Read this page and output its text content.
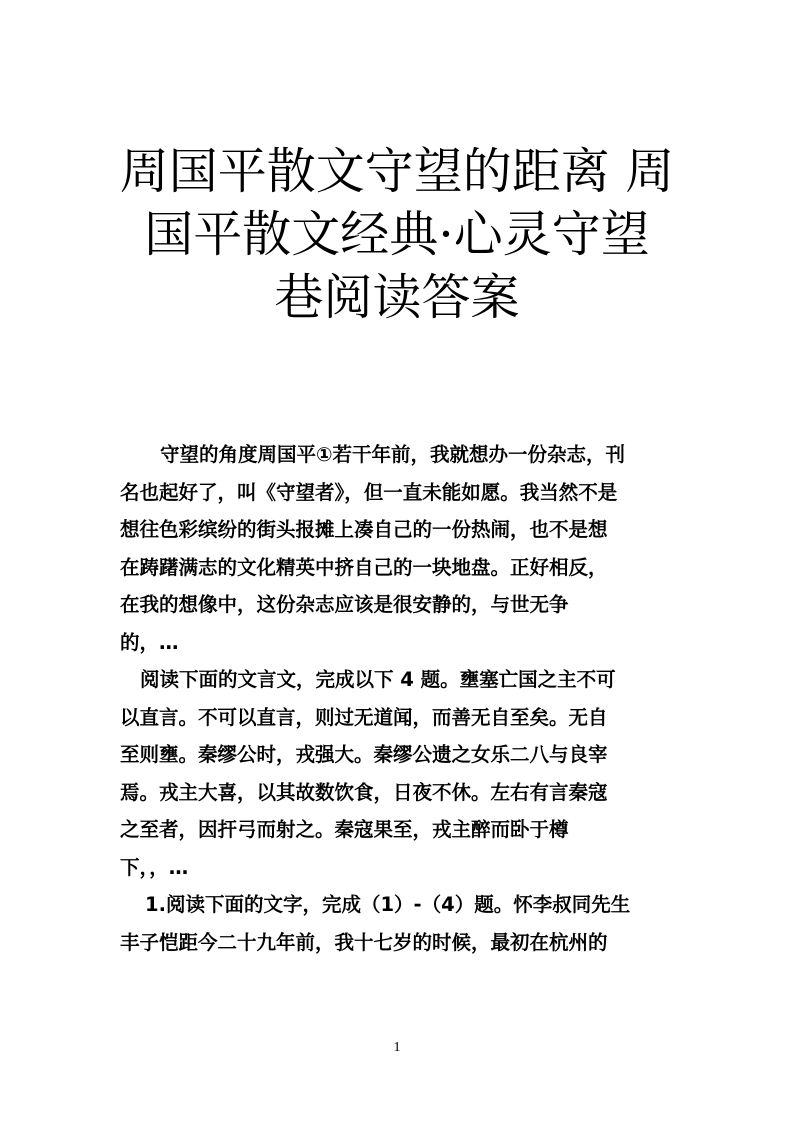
周国平散文守望的距离 周
国平散文经典·心灵守望
巷阅读答案
守望的角度周国平①若干年前，我就想办一份杂志，刊
名也起好了，叫《守望者》，但一直未能如愿。我当然不是
想往色彩缤纷的街头报摊上凑自己的一份热闹，也不是想
在踌躇满志的文化精英中挤自己的一块地盘。正好相反，
在我的想像中，这份杂志应该是很安静的，与世无争
的，…
阅读下面的文言文，完成以下 4 题。壅塞亡国之主不可
以直言。不可以直言，则过无道闻，而善无自至矣。无自
至则壅。秦缪公时，戎强大。秦缪公遗之女乐二八与良宰
焉。戎主大喜，以其故数饮食，日夜不休。左右有言秦寇
之至者，因扞弓而射之。秦寇果至，戎主醉而卧于樽
下，，…
1.阅读下面的文字，完成（1）-（4）题。怀李叔同先生
丰子恺距今二十九年前，我十七岁的时候，最初在杭州的
1
